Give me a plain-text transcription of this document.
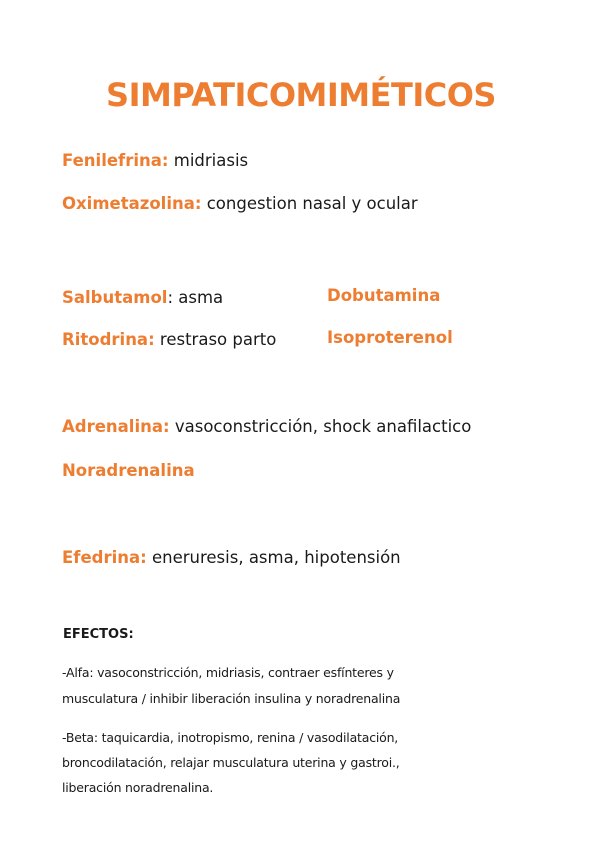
SIMPATICOMIMÉTICOS
Fenilefrina: midriasis
Oximetazolina: congestion nasal y ocular
Salbutamol: asma
Ritodrina: restraso parto
Dobutamina
Isoproterenol
Adrenalina: vasoconstricción, shock anafilactico
Noradrenalina
Efedrina: eneruresis, asma, hipotensión
EFECTOS:
-Alfa: vasoconstricción, midriasis, contraer esfínteres y
musculatura / inhibir liberación insulina y noradrenalina
-Beta: taquicardia, inotropismo, renina / vasodilatación,
broncodilatación, relajar musculatura uterina y gastroi.,
liberación noradrenalina.
